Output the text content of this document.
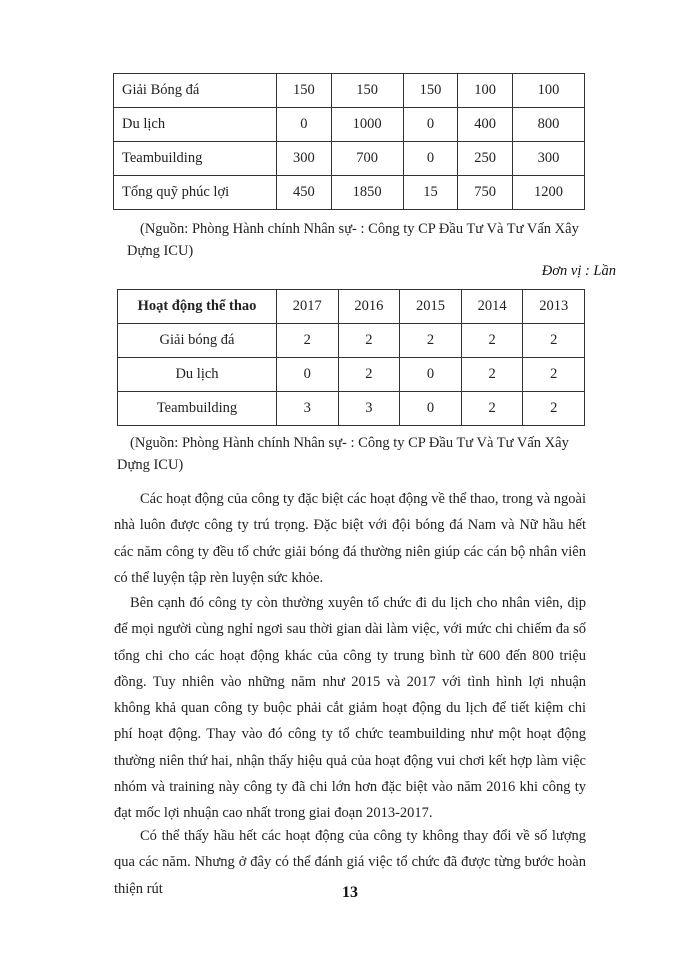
Giải Bóng đá	150	150	150	100	100
Du lịch	0	1000	0	400	800
Teambuilding	300	700	0	250	300
Tổng quỹ phúc lợi	450	1850	15	750	1200
(Nguồn: Phòng Hành chính Nhân sự- : Công ty CP Đầu Tư Và Tư Vấn Xây
Dựng ICU)
Đơn vị : Lần
Hoạt động thể thao	2017	2016	2015	2014	2013
Giải bóng đá	2	2	2	2	2
Du lịch	0	2	0	2	2
Teambuilding	3	3	0	2	2
(Nguồn: Phòng Hành chính Nhân sự- : Công ty CP Đầu Tư Và Tư Vấn Xây
Dựng ICU)

Các hoạt động của công ty đặc biệt các hoạt động về thể thao, trong và ngoài nhà luôn được công ty trú trọng. Đặc biệt với đội bóng đá Nam và Nữ hầu hết các năm công ty đều tổ chức giải bóng đá thường niên giúp các cán bộ nhân viên có thể luyện tập rèn luyện sức khỏe.

Bên cạnh đó công ty còn thường xuyên tổ chức đi du lịch cho nhân viên, dịp để mọi người cùng nghỉ ngơi sau thời gian dài làm việc, với mức chi chiếm đa số tổng chi cho các hoạt động khác của công ty trung bình từ 600 đến 800 triệu đồng. Tuy nhiên vào những năm như 2015 và 2017 với tình hình lợi nhuận không khả quan công ty buộc phải cắt giảm hoạt động du lịch để tiết kiệm chi phí hoạt động. Thay vào đó công ty tổ chức teambuilding như một hoạt động thường niên thứ hai, nhận thấy hiệu quả của hoạt động vui chơi kết hợp làm việc nhóm và training này công ty đã chi lớn hơn đặc biệt vào năm 2016 khi công ty đạt mốc lợi nhuận cao nhất trong giai đoạn 2013-2017.

Có thể thấy hầu hết các hoạt động của công ty không thay đổi về số lượng qua các năm. Nhưng ở đây có thể đánh giá việc tổ chức đã được từng bước hoàn thiện rút	13
